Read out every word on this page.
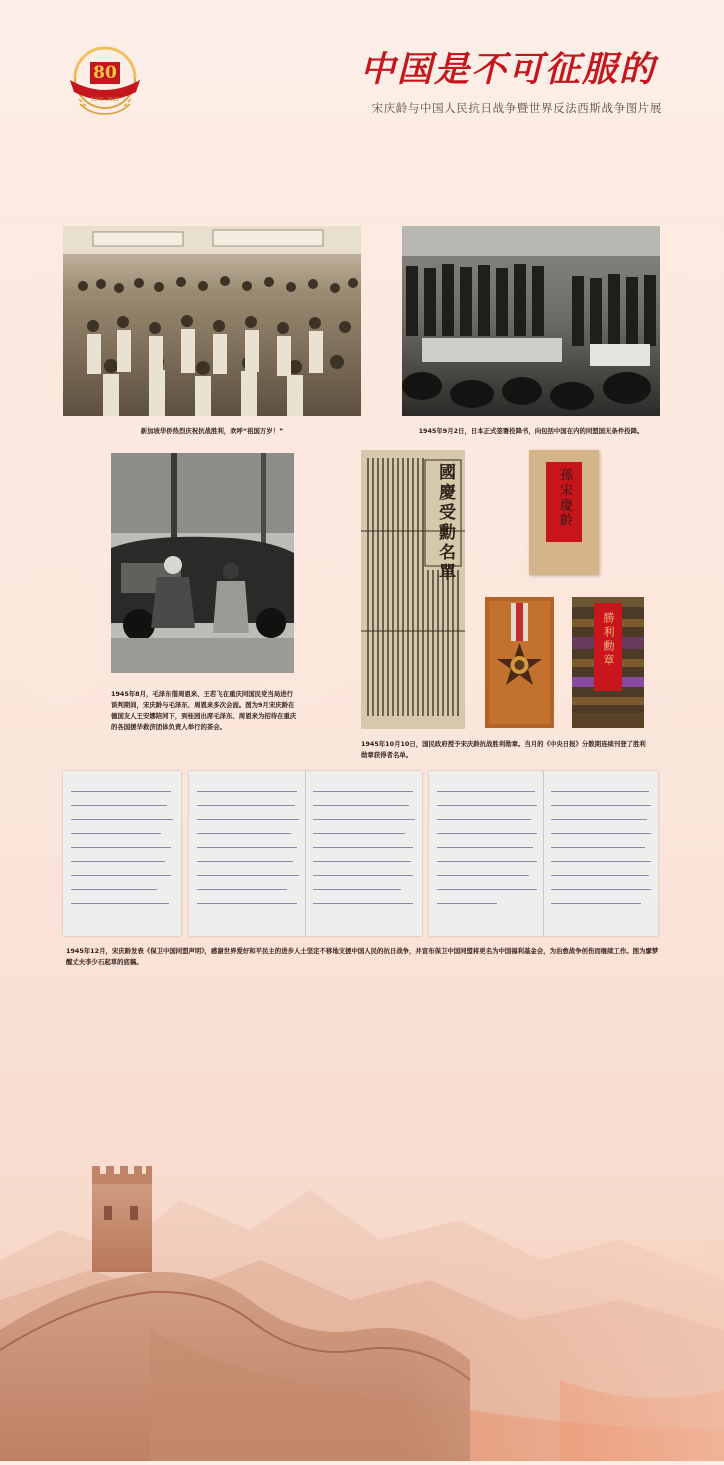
80
1945–2025
中国是不可征服的
宋庆龄与中国人民抗日战争暨世界反法西斯战争图片展
新加坡华侨热烈庆祝抗战胜利，欢呼“祖国万岁！”	1945年9月2日，日本正式签署投降书，向包括中国在内的同盟国无条件投降。
1945年8月，毛泽东偕周恩来、王若飞在重庆同国民党当局进行谈判期间，宋庆龄与毛泽东、周恩来多次会面。图为9月宋庆龄在德国友人王安娜陪同下，到桂园出席毛泽东、周恩来为招待在重庆的各国援华救济团体负责人举行的茶会。
國慶受勳名單	孫宋慶齡
勝利勳章
1945年10月10日，国民政府授予宋庆龄抗战胜利勋章。当月的《中央日报》分数期连续刊登了胜利勋章获得者名单。
1945年12月，宋庆龄发表《保卫中国同盟声明》，感谢世界爱好和平民主的进步人士坚定不移地支援中国人民的抗日战争，并宣布保卫中国同盟将更名为中国福利基金会，为治愈战争创伤而继续工作。图为廖梦醒丈夫李少石起草的底稿。
